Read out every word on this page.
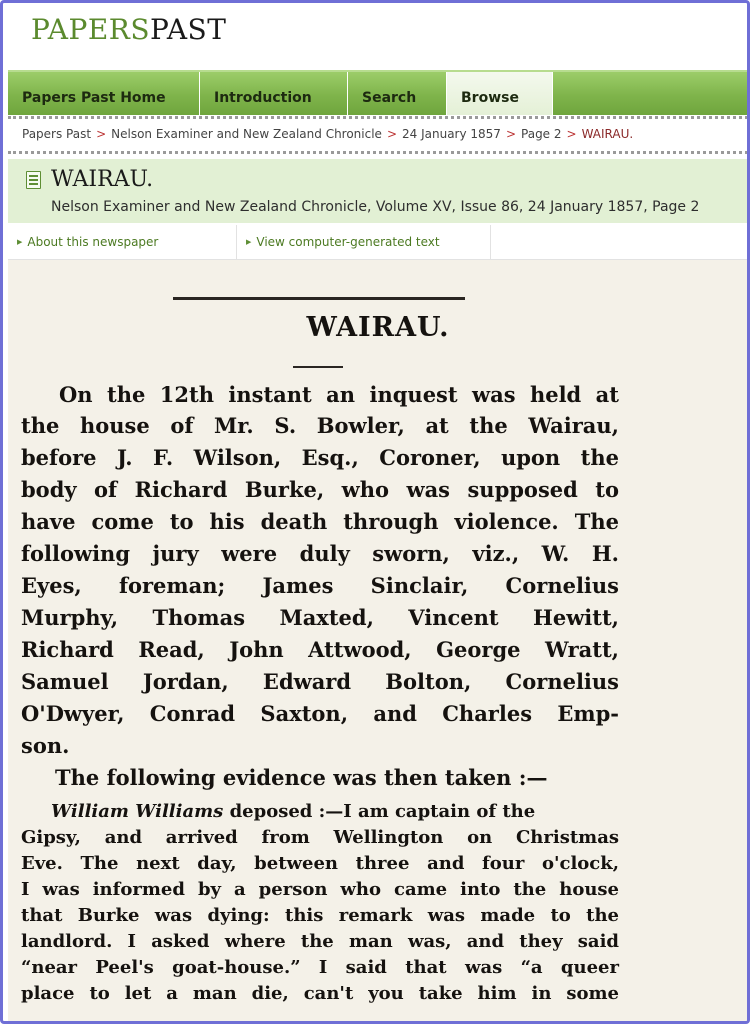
PAPERSPAST
Papers Past Home	Introduction	Search	Browse
Papers Past > Nelson Examiner and New Zealand Chronicle > 24 January 1857 > Page 2 > WAIRAU.
WAIRAU.
Nelson Examiner and New Zealand Chronicle, Volume XV, Issue 86, 24 January 1857, Page 2
▶ About this newspaper	▶ View computer-generated text
WAIRAU.
On the 12th instant an inquest was held at
the house of Mr. S. Bowler, at the Wairau,
before J. F. Wilson, Esq., Coroner, upon the
body of Richard Burke, who was supposed to
have come to his death through violence. The
following jury were duly sworn, viz., W. H.
Eyes, foreman; James Sinclair, Cornelius
Murphy, Thomas Maxted, Vincent Hewitt,
Richard Read, John Attwood, George Wratt,
Samuel Jordan, Edward Bolton, Cornelius
O'Dwyer, Conrad Saxton, and Charles Emp-
son.
The following evidence was then taken :—
William Williams deposed :—I am captain of the
Gipsy, and arrived from Wellington on Christmas
Eve. The next day, between three and four o'clock,
I was informed by a person who came into the house
that Burke was dying: this remark was made to the
landlord. I asked where the man was, and they said
“near Peel's goat-house.” I said that was “a queer
place to let a man die, can't you take him in some
